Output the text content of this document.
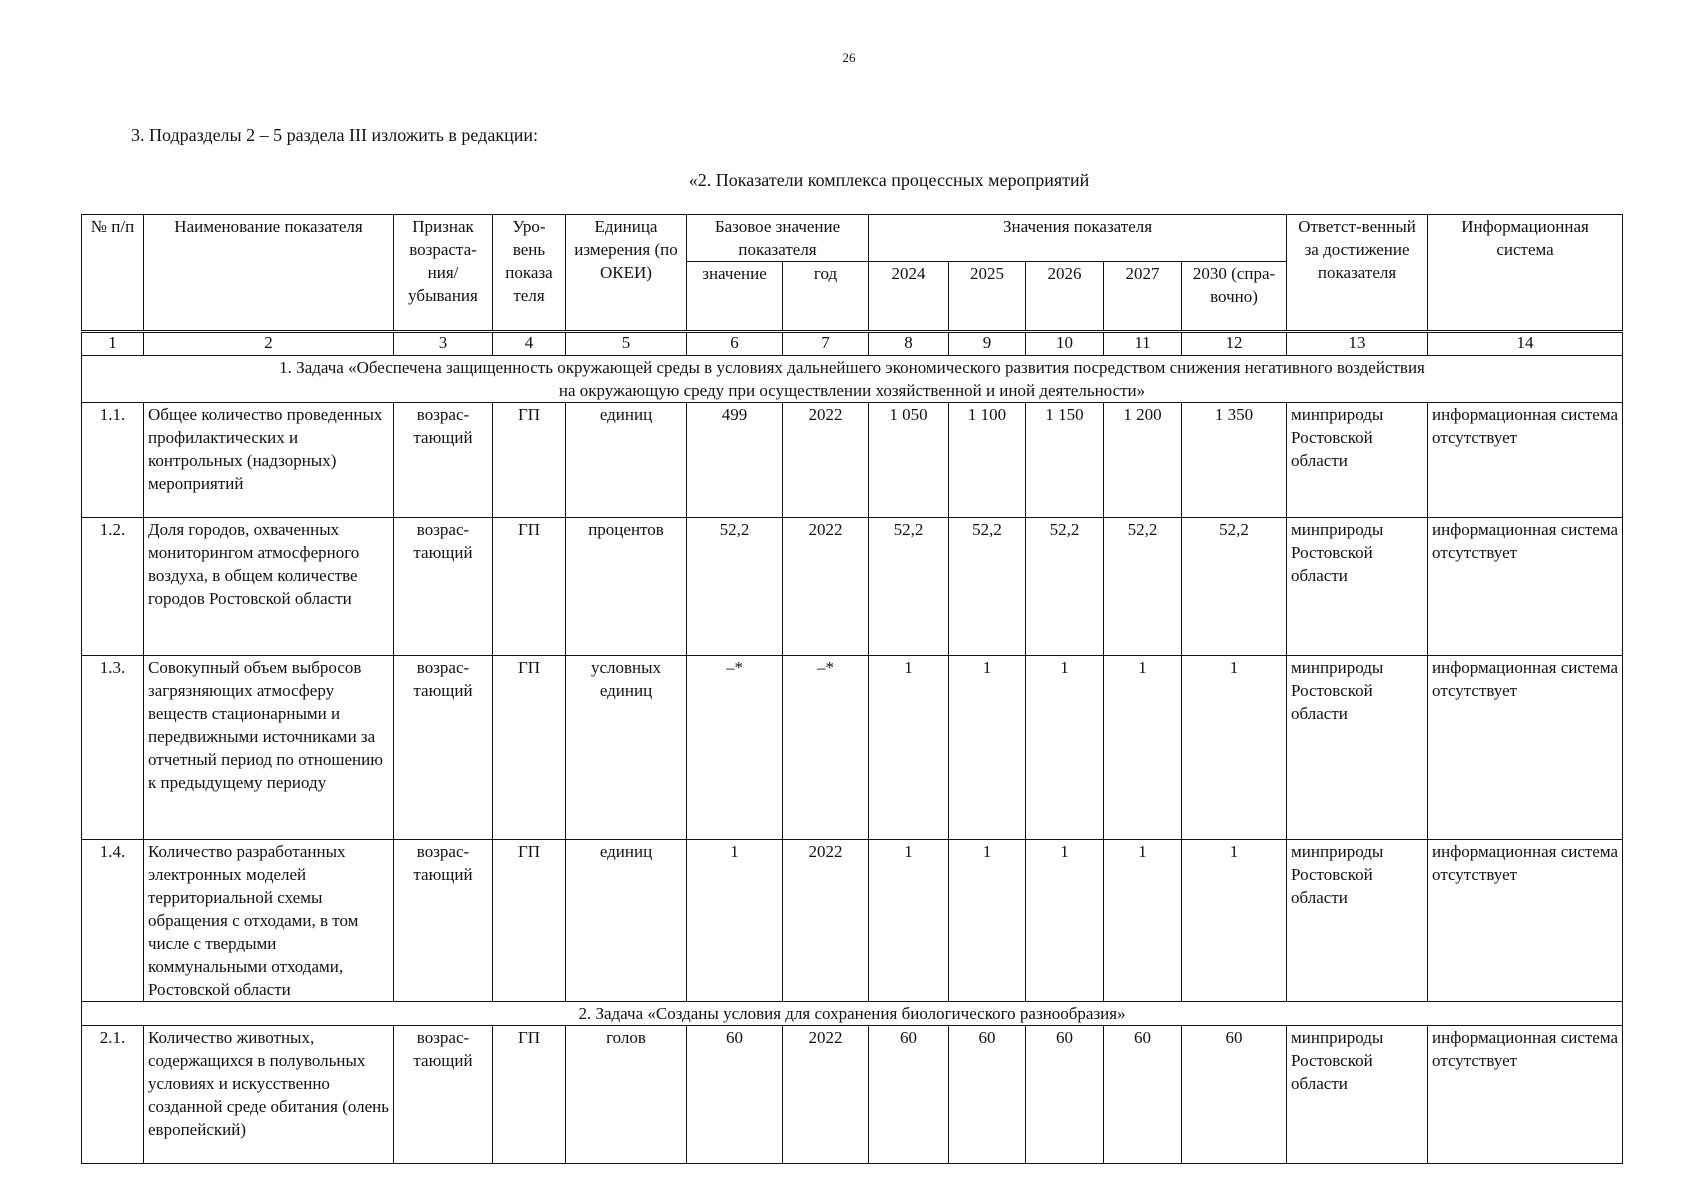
26
3. Подразделы 2 – 5 раздела III изложить в редакции:
«2. Показатели комплекса процессных мероприятий
№ п/п	Наименование показателя	Признак возраста-ния/ убывания	Уро-вень показа теля	Единица измерения (по ОКЕИ)	Базовое значение показателя		Значения показателя					Ответст-венный за достижение показателя	Информационная система
					значение	год	2024	2025	2026	2027	2030 (спра-вочно)		
1	2	3	4	5	6	7	8	9	10	11	12	13	14
1. Задача «Обеспечена защищенность окружающей среды в условиях дальнейшего экономического развития посредством снижения негативного воздействия на окружающую среду при осуществлении хозяйственной и иной деятельности»													
1.1.	Общее количество проведенных профилактических и контрольных (надзорных) мероприятий	возрас-тающий	ГП	единиц	499	2022	1 050	1 100	1 150	1 200	1 350	минприроды Ростовской области	информационная система отсутствует
1.2.	Доля городов, охваченных мониторингом атмосферного воздуха, в общем количестве городов Ростовской области	возрас-тающий	ГП	процентов	52,2	2022	52,2	52,2	52,2	52,2	52,2	минприроды Ростовской области	информационная система отсутствует
1.3.	Совокупный объем выбросов загрязняющих атмосферу веществ стационарными и передвижными источниками за отчетный период по отношению к предыдущему периоду	возрас-тающий	ГП	условных единиц	–*	–*	1	1	1	1	1	минприроды Ростовской области	информационная система отсутствует
1.4.	Количество разработанных электронных моделей территориальной схемы обращения с отходами, в том числе с твердыми коммунальными отходами, Ростовской области	возрас-тающий	ГП	единиц	1	2022	1	1	1	1	1	минприроды Ростовской области	информационная система отсутствует
2. Задача «Созданы условия для сохранения биологического разнообразия»													
2.1.	Количество животных, содержащихся в полувольных условиях и искусственно созданной среде обитания (олень европейский)	возрас-тающий	ГП	голов	60	2022	60	60	60	60	60	минприроды Ростовской области	информационная система отсутствует
